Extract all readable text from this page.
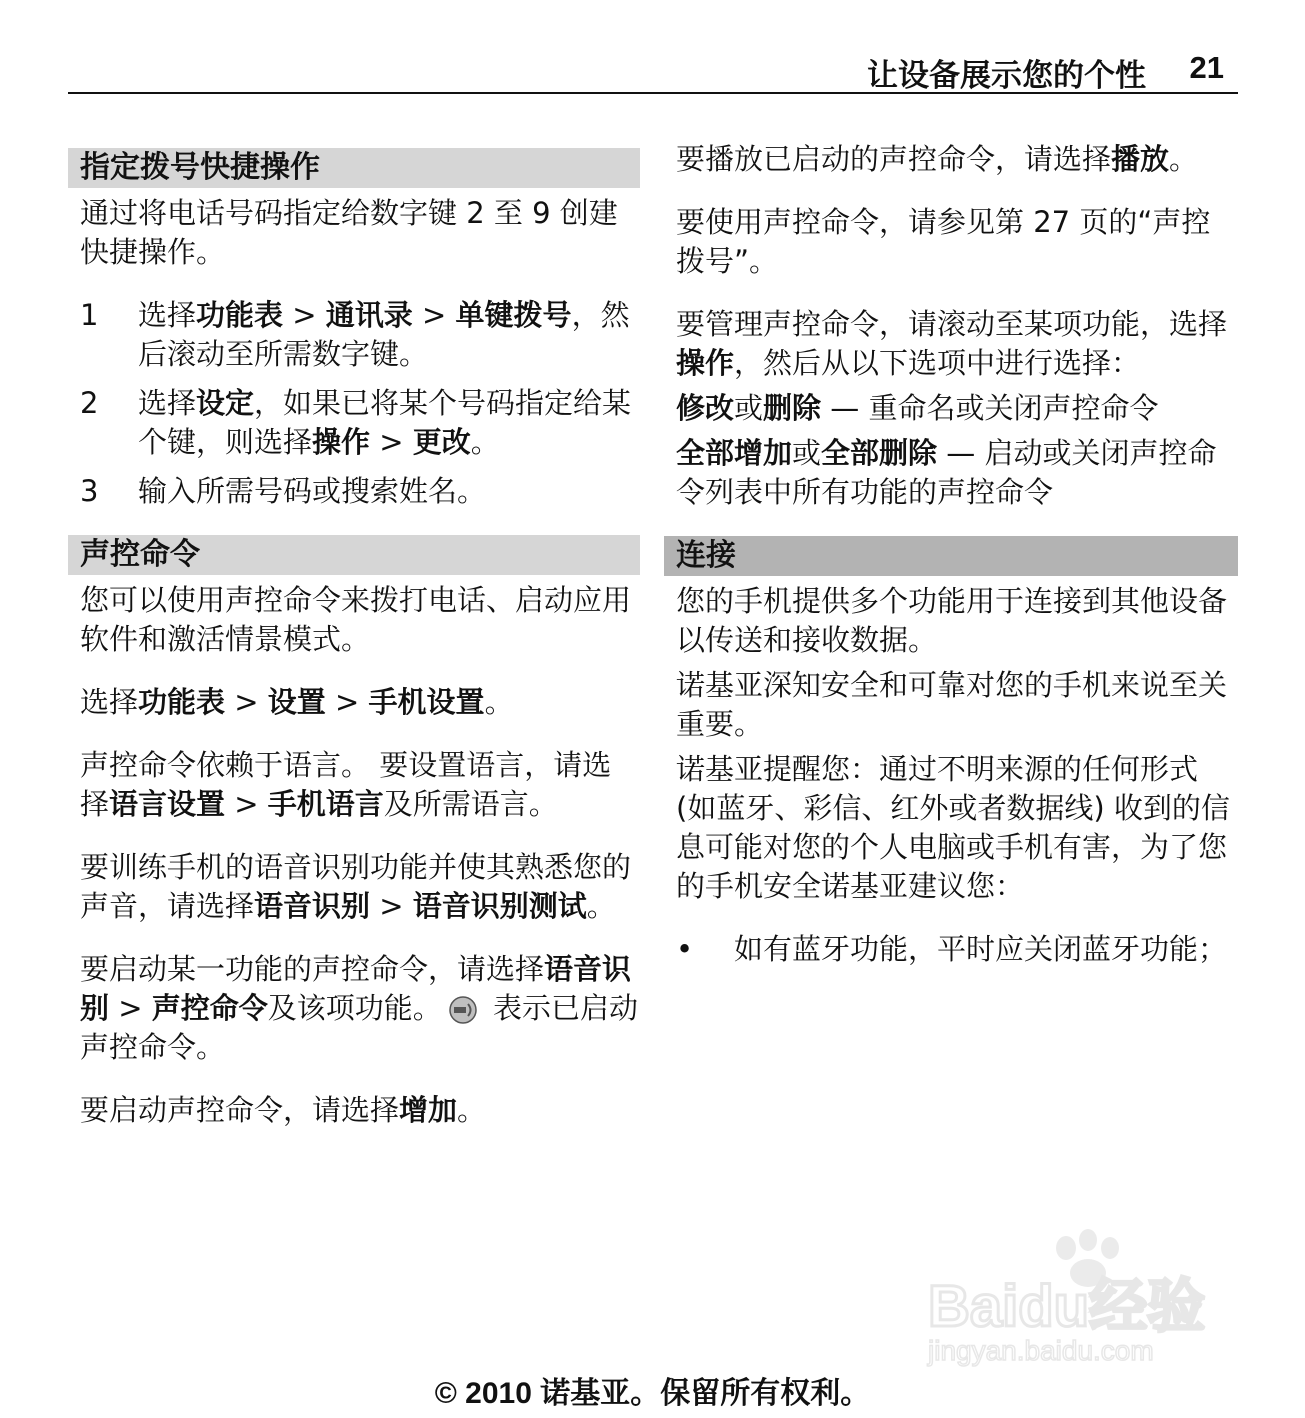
让设备展示您的个性 21
指定拨号快捷操作

通过将电话号码指定给数字键 2 至 9 创建快捷操作。

1	选择功能表 > 通讯录 > 单键拨号，然后滚动至所需数字键。
2	选择设定，如果已将某个号码指定给某个键，则选择操作 > 更改。
3	输入所需号码或搜索姓名。
声控命令

您可以使用声控命令来拨打电话、启动应用软件和激活情景模式。

选择功能表 > 设置 > 手机设置。

声控命令依赖于语言。 要设置语言，请选择语言设置 > 手机语言及所需语言。

要训练手机的语音识别功能并使其熟悉您的声音，请选择语音识别 > 语音识别测试。

要启动某一功能的声控命令，请选择语音识别 > 声控命令及该项功能。 表示已启动声控命令。

要启动声控命令，请选择增加。

要播放已启动的声控命令，请选择播放。

要使用声控命令，请参见第 27 页的“声控拨号”。

要管理声控命令，请滚动至某项功能，选择操作，然后从以下选项中进行选择：

修改或删除 — 重命名或关闭声控命令

全部增加或全部删除 — 启动或关闭声控命令列表中所有功能的声控命令

连接

您的手机提供多个功能用于连接到其他设备以传送和接收数据。

诺基亚深知安全和可靠对您的手机来说至关重要。

诺基亚提醒您：通过不明来源的任何形式 (如蓝牙、彩信、红外或者数据线) 收到的信息可能对您的个人电脑或手机有害，为了您的手机安全诺基亚建议您：

•	如有蓝牙功能，平时应关闭蓝牙功能；
Baidu经验
jingyan.baidu.com
© 2010 诺基亚。保留所有权利。
